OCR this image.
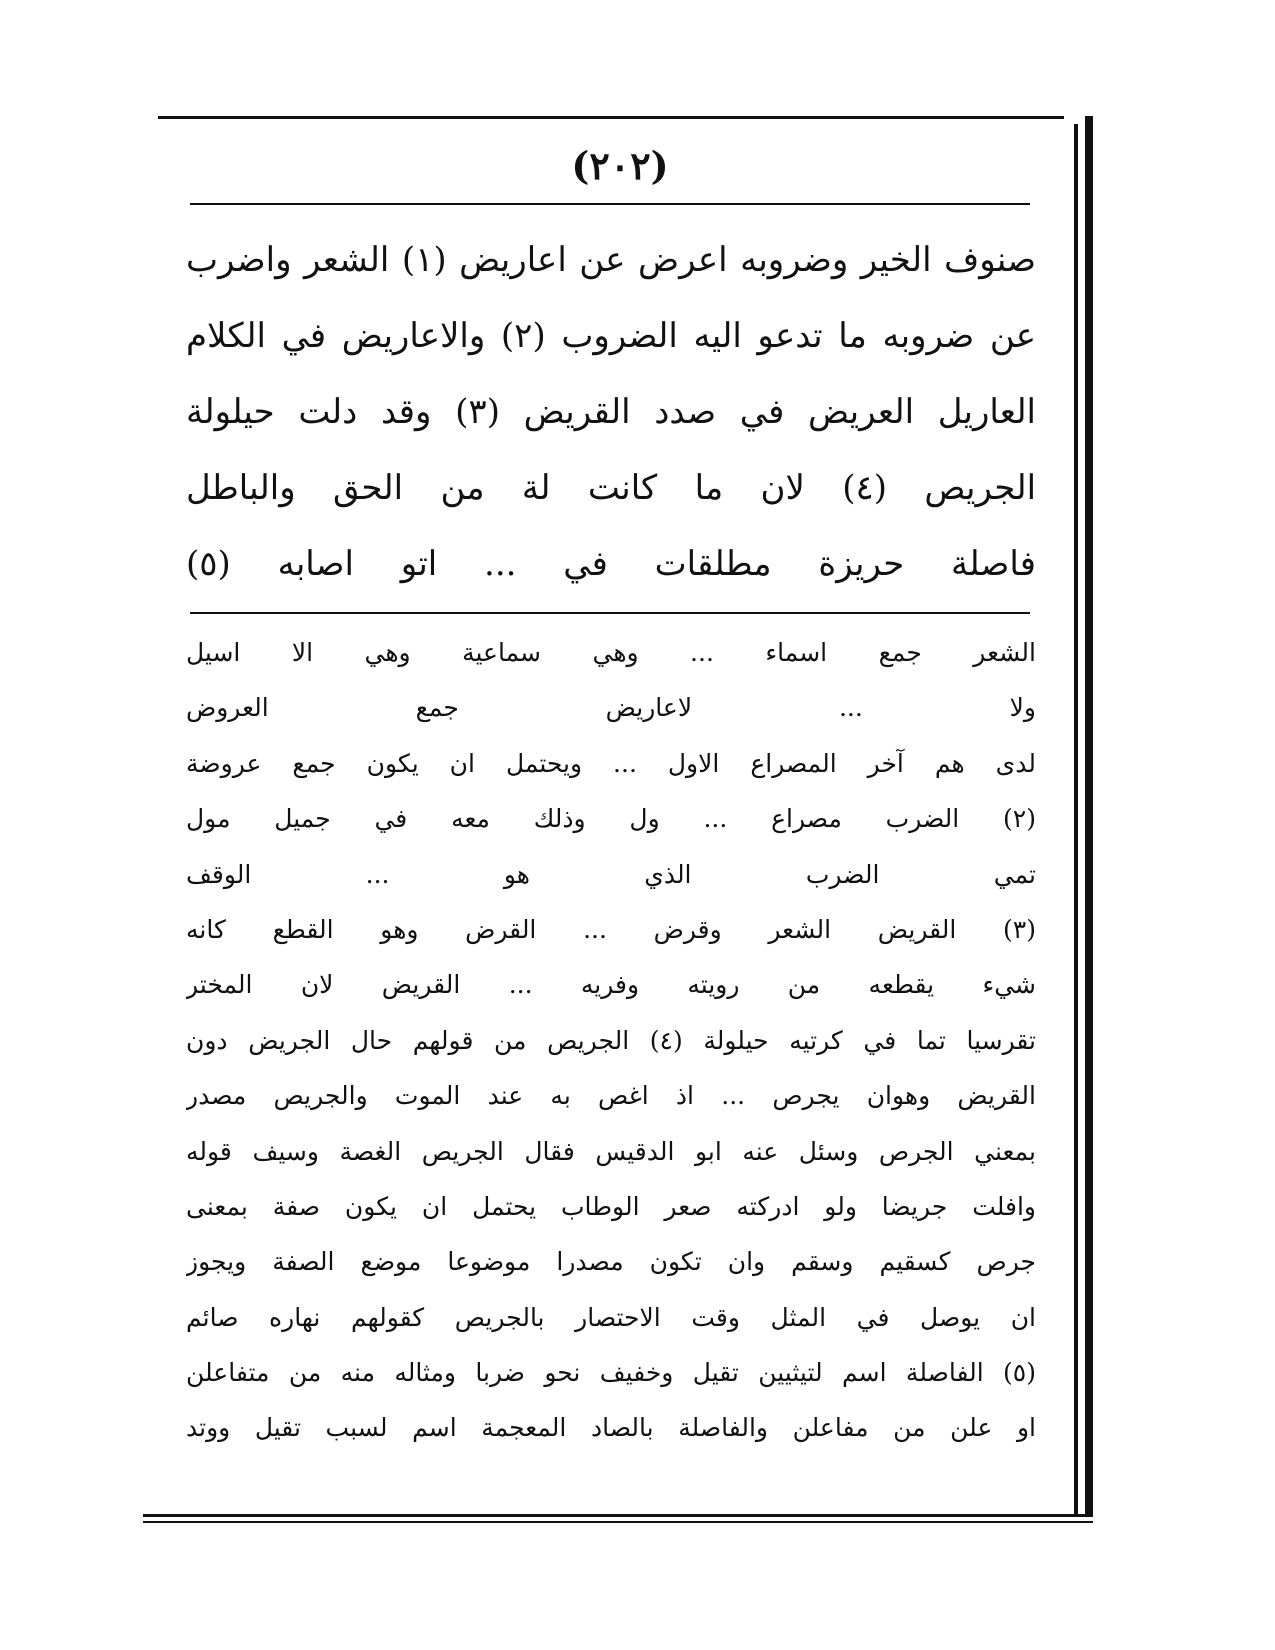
(٢٠٢)
صنوف الخير وضروبه اعرض عن اعاريض (١) الشعر واضرب
عن ضروبه ما تدعو اليه الضروب (٢) والاعاريض في الكلام
العاريل العريض في صدد القريض (٣) وقد دلت حيلولة
الجريص (٤) لان ما كانت لة من الحق والباطل
فاصلة حريزة مطلقات في ... اتو اصابه (٥)
الشعر جمع اسماء ... وهي سماعية وهي الا اسيل
ولا ... لاعاريض جمع العروض
لدى هم آخر المصراع الاول ... ويحتمل ان يكون جمع عروضة
(٢) الضرب مصراع ... ول وذلك معه في جميل مول
تمي الضرب الذي هو ... الوقف
(٣) القريض الشعر وقرض ... القرض وهو القطع كانه
شيء يقطعه من رويته وفريه ... القريض لان المختر
تقرسيا تما في كرتيه حيلولة (٤) الجريص من قولهم حال الجريض دون
القريض وهوان يجرص ... اذ اغص به عند الموت والجريص مصدر
بمعني الجرص وسئل عنه ابو الدقيس فقال الجريص الغصة وسيف قوله
وافلت جريضا ولو ادركته صعر الوطاب يحتمل ان يكون صفة بمعنى
جرص كسقيم وسقم وان تكون مصدرا موضوعا موضع الصفة ويجوز
ان يوصل في المثل وقت الاحتصار بالجريص كقولهم نهاره صائم
(٥) الفاصلة اسم لتيثيين تقيل وخفيف نحو ضربا ومثاله منه من متفاعلن
او علن من مفاعلن والفاصلة بالصاد المعجمة اسم لسبب تقيل ووتد
